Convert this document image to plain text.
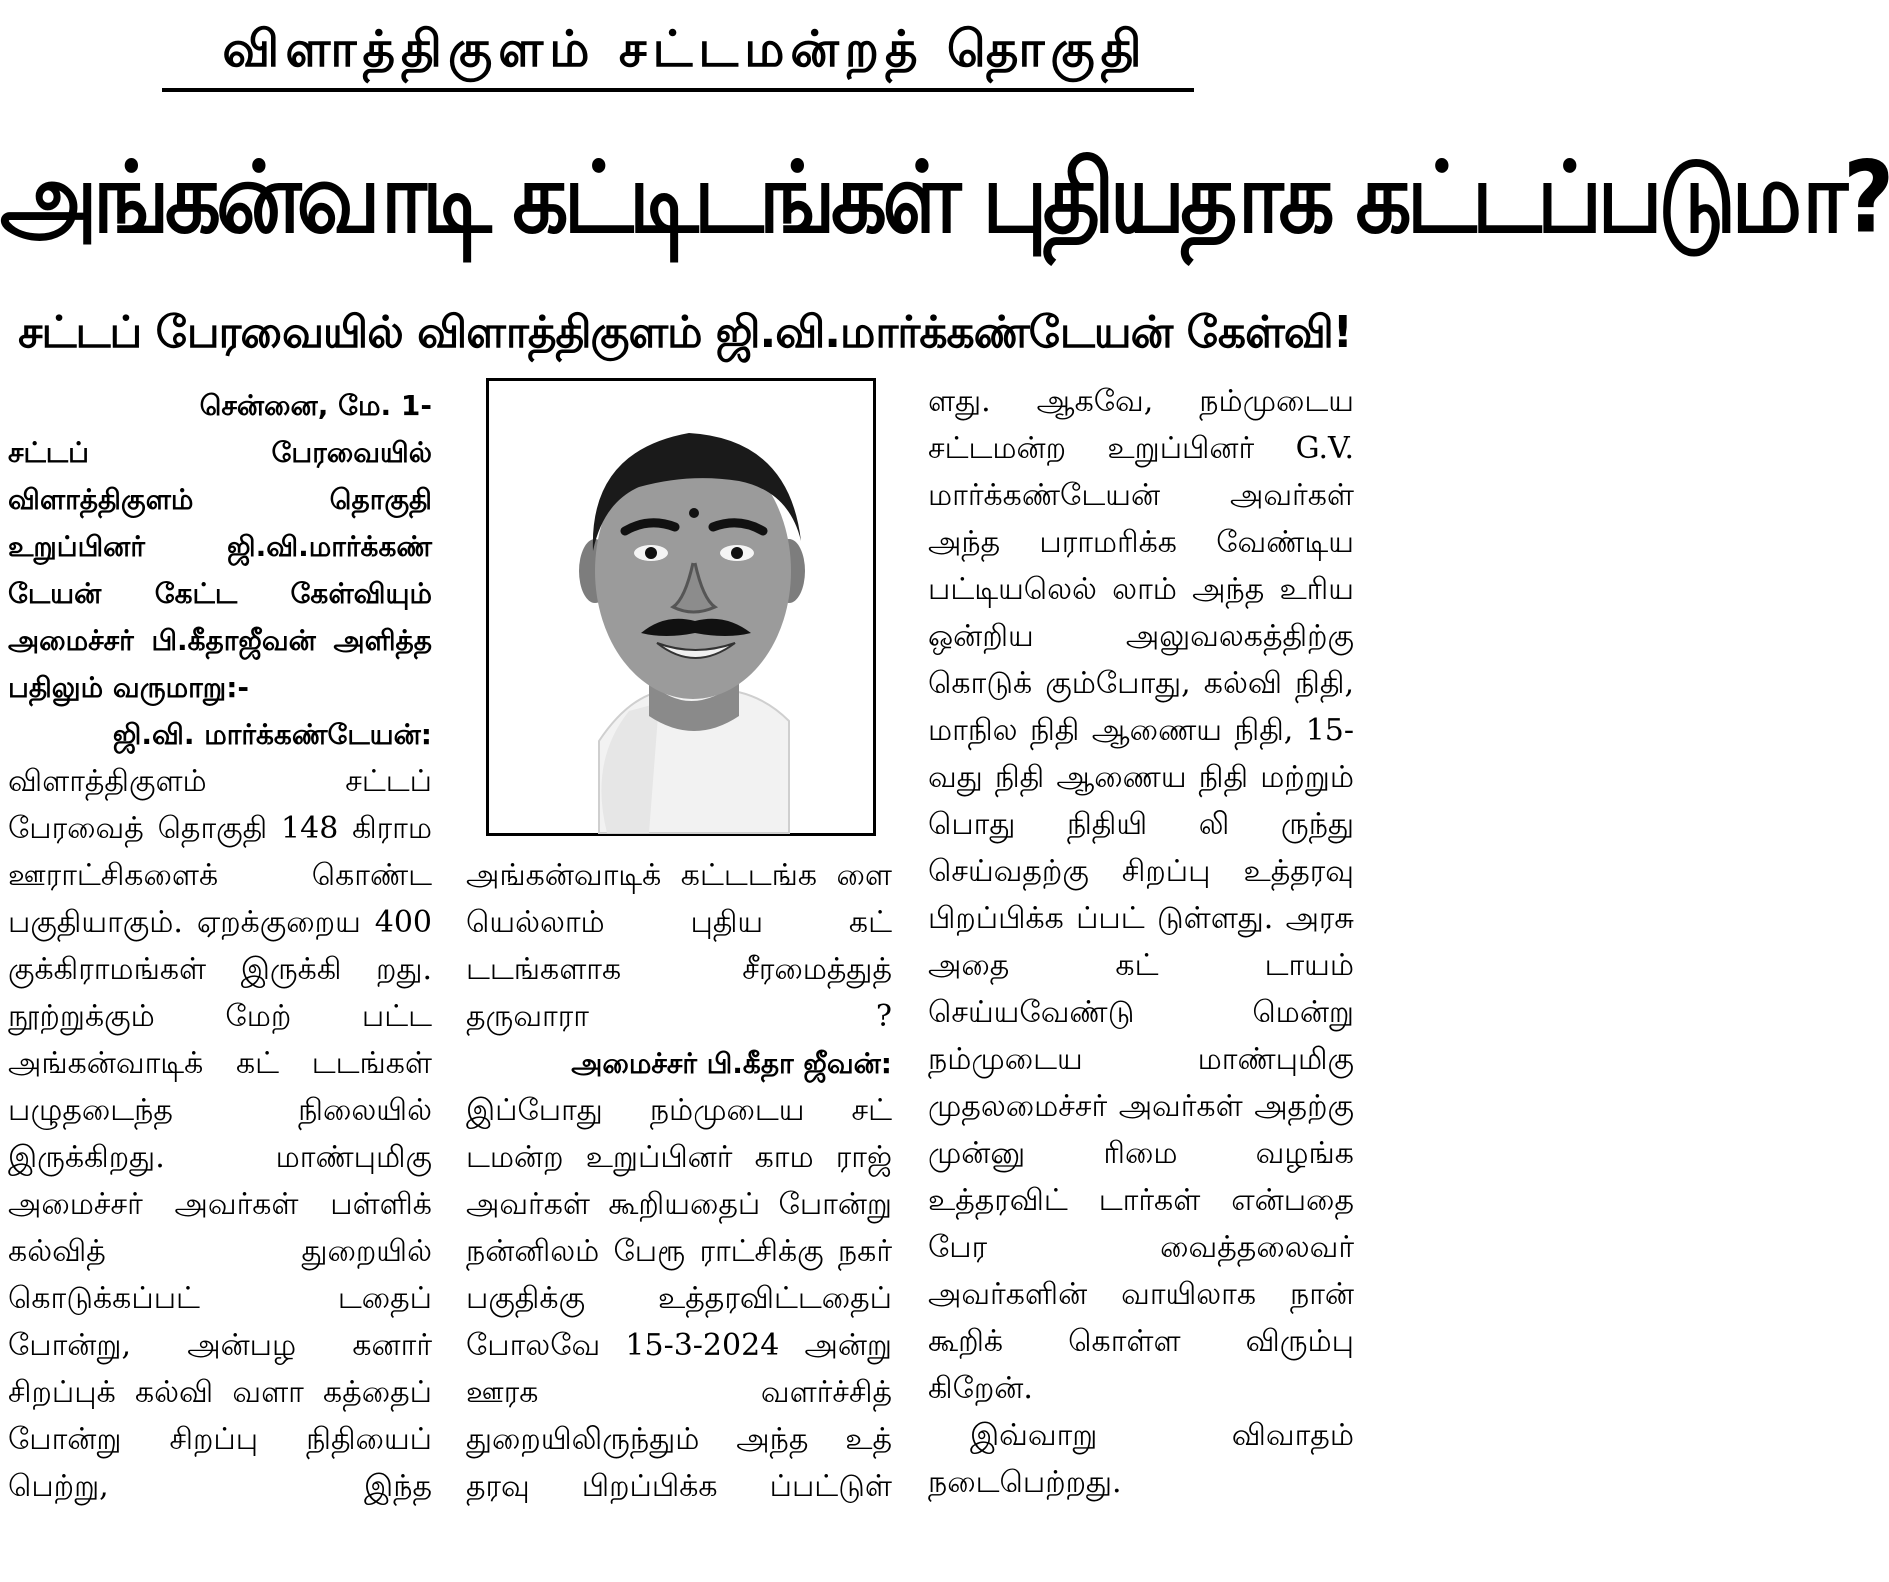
விளாத்திகுளம் சட்டமன்றத் தொகுதி
அங்கன்வாடி கட்டிடங்கள் புதியதாக கட்டப்படுமா?
சட்டப் பேரவையில் விளாத்திகுளம் ஜி.வி.மார்க்கண்டேயன் கேள்வி!

சென்னை, மே. 1-

சட்டப் பேரவையில் விளாத்திகுளம் தொகுதி உறுப்பினர் ஜி.வி.மார்க்கண் டேயன் கேட்ட கேள்வியும் அமைச்சர் பி.கீதாஜீவன் அளித்த பதிலும் வருமாறு:-

ஜி.வி. மார்க்கண்டேயன்:

விளாத்திகுளம் சட்டப் பேரவைத் தொகுதி 148 கிராம ஊராட்சிகளைக் கொண்ட பகுதியாகும். ஏறக்குறைய 400 குக்கிராமங்கள் இருக்கி றது. நூற்றுக்கும் மேற் பட்ட அங்கன்வாடிக் கட் டடங்கள் பழுதடைந்த நிலையில் இருக்கிறது. மாண்புமிகு அமைச்சர் அவர்கள் பள்ளிக் கல்வித் துறையில் கொடுக்கப்பட் டதைப் போன்று, அன்பழ கனார் சிறப்புக் கல்வி வளா கத்தைப் போன்று சிறப்பு நிதியைப் பெற்று, இந்த

அங்கன்வாடிக் கட்டடங்க ளை யெல்லாம் புதிய கட் டடங்களாக சீரமைத்துத் தருவாரா ?

அமைச்சர் பி.கீதா ஜீவன்:

இப்போது நம்முடைய சட் டமன்ற உறுப்பினர் காம ராஜ் அவர்கள் கூறியதைப் போன்று நன்னிலம் பேரூ ராட்சிக்கு நகர் பகுதிக்கு உத்தரவிட்டதைப் போலவே 15-3-2024 அன்று ஊரக வளர்ச்சித் துறையிலிருந்தும் அந்த உத் தரவு பிறப்பிக்க ப்பட்டுள்

ளது. ஆகவே, நம்முடைய சட்டமன்ற உறுப்பினர் G.V. மார்க்கண்டேயன் அவர்கள் அந்த பராமரிக்க வேண்டிய பட்டியலெல் லாம் அந்த உரிய ஒன்றிய அலுவலகத்திற்கு கொடுக் கும்போது, கல்வி நிதி, மாநில நிதி ஆணைய நிதி, 15-வது நிதி ஆணைய நிதி மற்றும் பொது நிதியி லி ருந்து செய்வதற்கு சிறப்பு உத்தரவு பிறப்பிக்க ப்பட் டுள்ளது. அரசு அதை கட் டாயம் செய்யவேண்டு மென்று நம்முடைய மாண்புமிகு முதலமைச்சர் அவர்கள் அதற்கு முன்னு ரிமை வழங்க உத்தரவிட் டார்கள் என்பதை பேர வைத்தலைவர் அவர்களின் வாயிலாக நான் கூறிக் கொள்ள விரும்பு கிறேன்.

இவ்வாறு விவாதம் நடைபெற்றது.
